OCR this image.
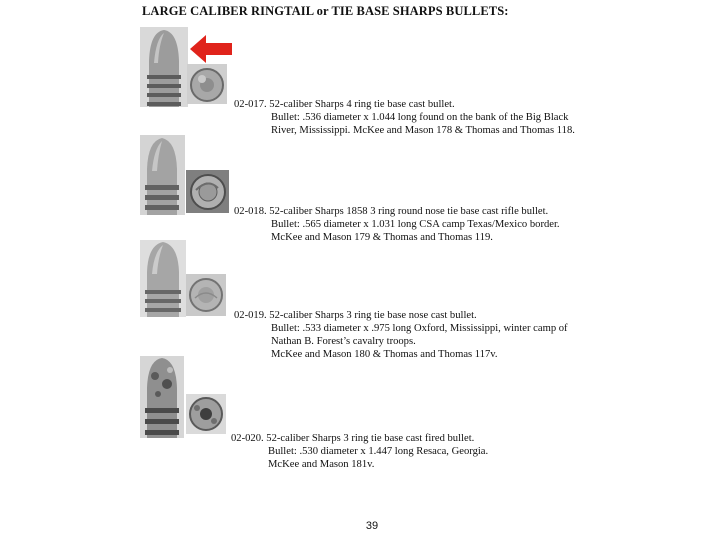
LARGE CALIBER RINGTAIL or TIE BASE SHARPS BULLETS:
02-017. 52-caliber Sharps 4 ring tie base cast bullet.
Bullet: .536 diameter x 1.044 long found on the bank of the Big Black
River, Mississippi. McKee and Mason 178 & Thomas and Thomas 118.
02-018. 52-caliber Sharps 1858 3 ring round nose tie base cast rifle bullet.
Bullet: .565 diameter x 1.031 long CSA camp Texas/Mexico border.
McKee and Mason 179 & Thomas and Thomas 119.
02-019. 52-caliber Sharps 3 ring tie base nose cast bullet.
Bullet: .533 diameter x .975 long Oxford, Mississippi, winter camp of
Nathan B. Forest’s cavalry troops.
McKee and Mason 180 & Thomas and Thomas 117v.
02-020. 52-caliber Sharps 3 ring tie base cast fired bullet.
Bullet: .530 diameter x 1.447 long Resaca, Georgia.
McKee and Mason 181v.
39
